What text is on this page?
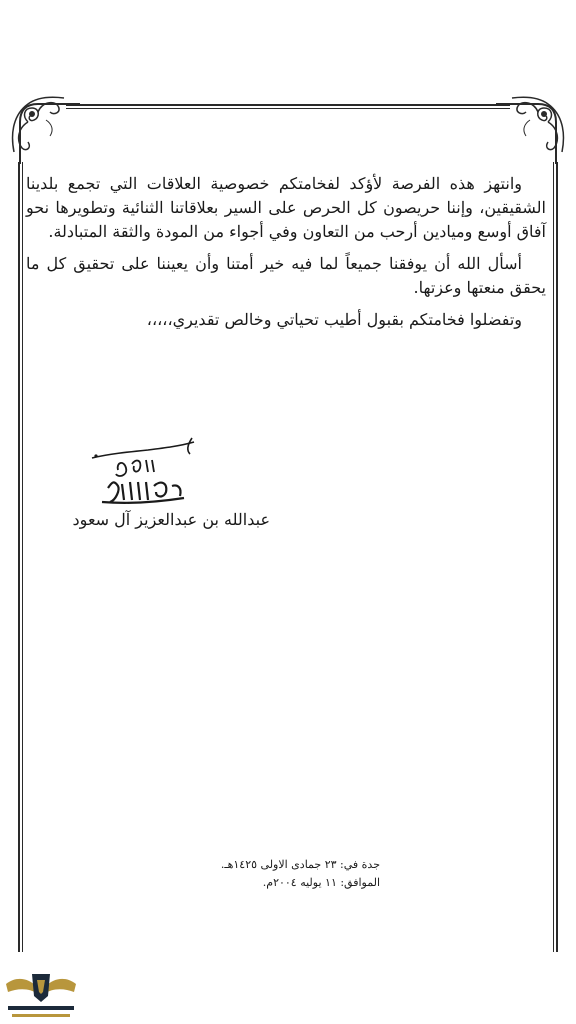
وانتهز هذه الفرصة لأؤكد لفخامتكم خصوصية العلاقات التي تجمع بلدينا الشقيقين، وإننا حريصون كل الحرص على السير بعلاقاتنا الثنائية وتطويرها نحو آفاق أوسع وميادين أرحب من التعاون وفي أجواء من المودة والثقة المتبادلة.

أسأل الله أن يوفقنا جميعاً لما فيه خير أمتنا وأن يعيننا على تحقيق كل ما يحقق منعتها وعزتها.

وتفضلوا فخامتكم بقبول أطيب تحياتي وخالص تقديري،،،،،

عبدالله بن عبدالعزيز آل سعود
جدة في: ٢٣ جمادى الاولى ١٤٢٥هـ.
الموافق: ١١ يوليه ٢٠٠٤م.
